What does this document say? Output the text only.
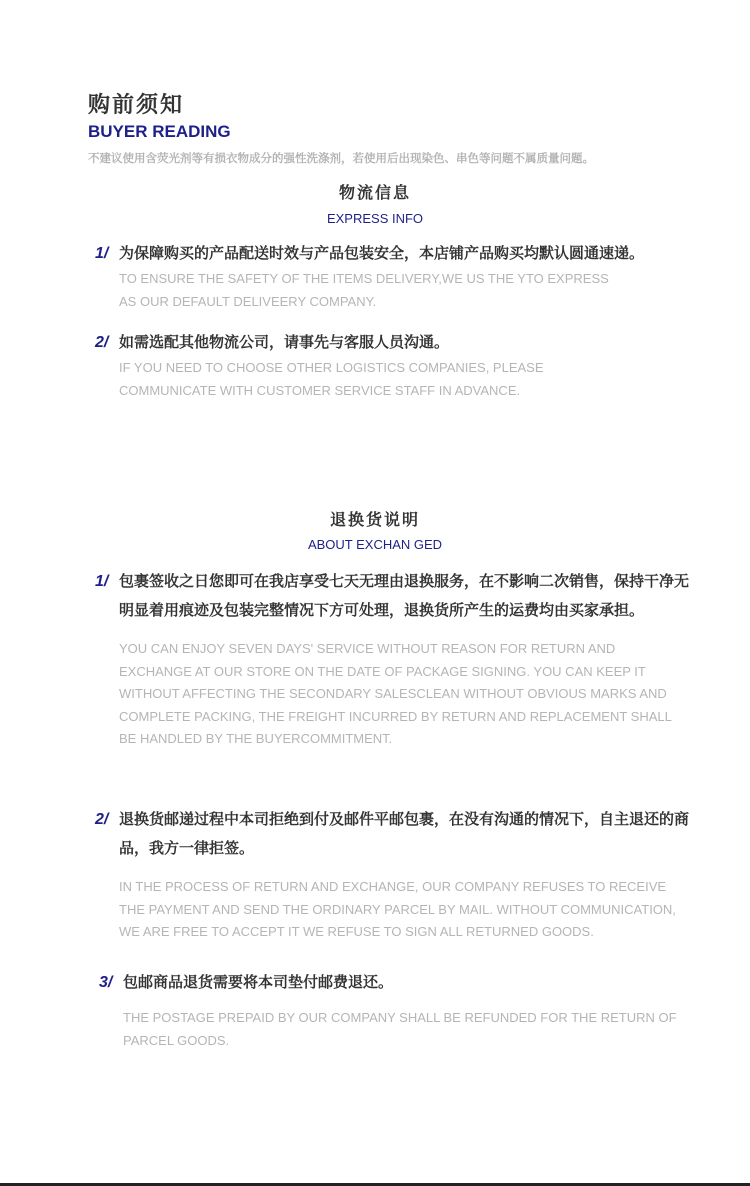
购前须知
BUYER READING
不建议使用含荧光剂等有损衣物成分的强性洗涤剂，若使用后出现染色、串色等问题不属质量问题。
物流信息
EXPRESS INFO
1/ 为保障购买的产品配送时效与产品包装安全，本店铺产品购买均默认圆通速递。
TO ENSURE THE SAFETY OF THE ITEMS DELIVERY,WE US THE YTO EXPRESS AS OUR DEFAULT DELIVEERY COMPANY.
2/ 如需选配其他物流公司，请事先与客服人员沟通。
IF YOU NEED TO CHOOSE OTHER LOGISTICS COMPANIES, PLEASE COMMUNICATE WITH CUSTOMER SERVICE STAFF IN ADVANCE.
退换货说明
ABOUT EXCHAN GED
1/ 包裹签收之日您即可在我店享受七天无理由退换服务，在不影响二次销售，保持干净无明显着用痕迹及包装完整情况下方可处理，退换货所产生的运费均由买家承担。
YOU CAN ENJOY SEVEN DAYS' SERVICE WITHOUT REASON FOR RETURN AND EXCHANGE AT OUR STORE ON THE DATE OF PACKAGE SIGNING. YOU CAN KEEP IT WITHOUT AFFECTING THE SECONDARY SALESCLEAN WITHOUT OBVIOUS MARKS AND COMPLETE PACKING, THE FREIGHT INCURRED BY RETURN AND REPLACEMENT SHALL BE HANDLED BY THE BUYERCOMMITMENT.
2/ 退换货邮递过程中本司拒绝到付及邮件平邮包裹，在没有沟通的情况下，自主退还的商品，我方一律拒签。
IN THE PROCESS OF RETURN AND EXCHANGE, OUR COMPANY REFUSES TO RECEIVE THE PAYMENT AND SEND THE ORDINARY PARCEL BY MAIL. WITHOUT COMMUNICATION, WE ARE FREE TO ACCEPT IT WE REFUSE TO SIGN ALL RETURNED GOODS.
3/ 包邮商品退货需要将本司垫付邮费退还。
THE POSTAGE PREPAID BY OUR COMPANY SHALL BE REFUNDED FOR THE RETURN OF PARCEL GOODS.
